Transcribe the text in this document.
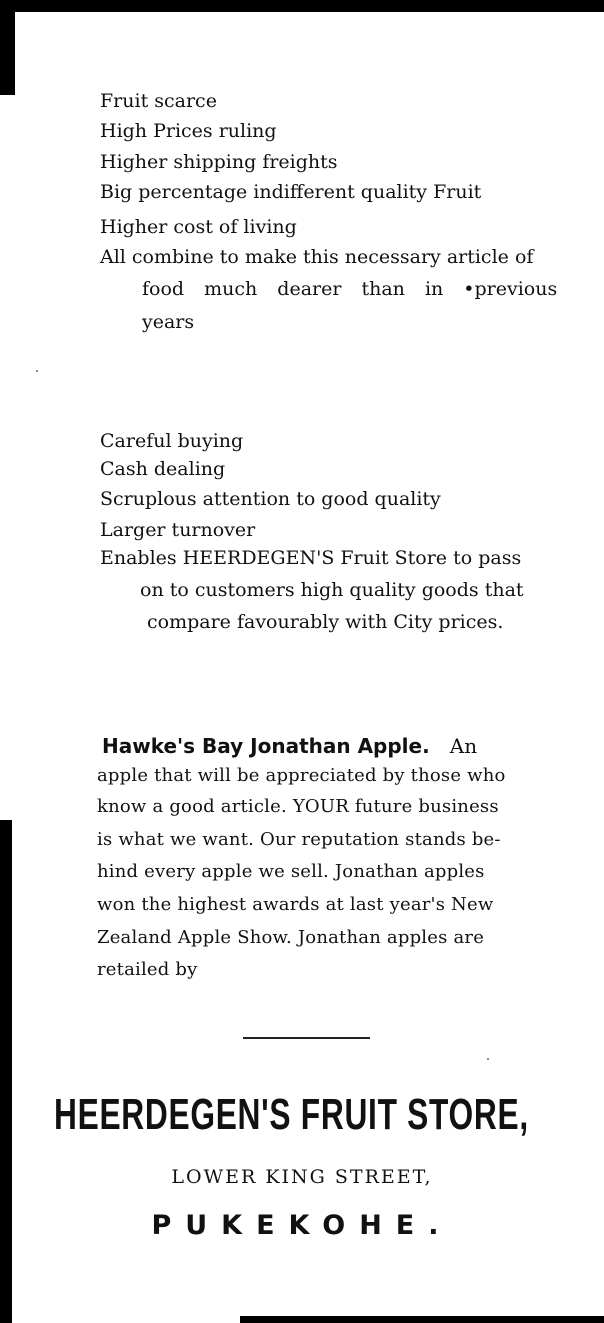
Fruit scarce
High Prices ruling
Higher shipping freights
Big percentage indifferent quality Fruit
Higher cost of living
All combine to make this necessary article of
food much dearer than in •previous
years
Careful buying
Cash dealing
Scruplous attention to good quality
Larger turnover
Enables HEERDEGEN'S Fruit Store to pass
on to customers high quality goods that
compare favourably with City prices.
Hawke's Bay Jonathan Apple. An
apple that will be appreciated by those who
know a good article. YOUR future business
is what we want. Our reputation stands be-
hind every apple we sell. Jonathan apples
won the highest awards at last year's New
Zealand Apple Show. Jonathan apples are
retailed by
HEERDEGEN'S FRUIT STORE,
LOWER KING STREET,
PUKEKOHE.
